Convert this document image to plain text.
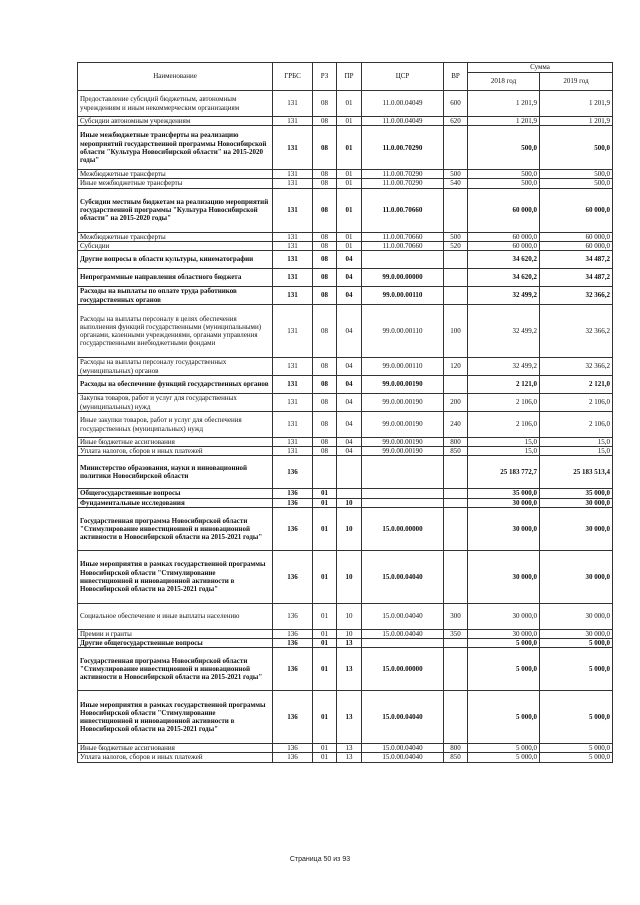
Наименование	ГРБС	РЗ	ПР	ЦСР	ВР	Сумма	
						2018 год	2019 год
Предоставление субсидий бюджетным, автономным учреждениям и иным некоммерческим организациям	131	08	01	11.0.00.04049	600	1 201,9	1 201,9
Субсидии автономным учреждениям	131	08	01	11.0.00.04049	620	1 201,9	1 201,9
Иные межбюджетные трансферты на реализацию мероприятий государственной программы Новосибирской области "Культура Новосибирской области" на 2015-2020 годы"	131	08	01	11.0.00.70290		500,0	500,0
Межбюджетные трансферты	131	08	01	11.0.00.70290	500	500,0	500,0
Иные межбюджетные трансферты	131	08	01	11.0.00.70290	540	500,0	500,0
Субсидии местным бюджетам на реализацию мероприятий государственной программы "Культура Новосибирской области" на 2015-2020 годы"	131	08	01	11.0.00.70660		60 000,0	60 000,0
Межбюджетные трансферты	131	08	01	11.0.00.70660	500	60 000,0	60 000,0
Субсидии	131	08	01	11.0.00.70660	520	60 000,0	60 000,0
Другие вопросы в области культуры, кинематографии	131	08	04			34 620,2	34 487,2
Непрограммные направления областного бюджета	131	08	04	99.0.00.00000		34 620,2	34 487,2
Расходы на выплаты по оплате труда работников государственных органов	131	08	04	99.0.00.00110		32 499,2	32 366,2
Расходы на выплаты персоналу в целях обеспечения выполнения функций государственными (муниципальными) органами, казенными учреждениями, органами управления государственными внебюджетными фондами	131	08	04	99.0.00.00110	100	32 499,2	32 366,2
Расходы на выплаты персоналу государственных (муниципальных) органов	131	08	04	99.0.00.00110	120	32 499,2	32 366,2
Расходы на обеспечение функций государственных органов	131	08	04	99.0.00.00190		2 121,0	2 121,0
Закупка товаров, работ и услуг для государственных (муниципальных) нужд	131	08	04	99.0.00.00190	200	2 106,0	2 106,0
Иные закупки товаров, работ и услуг для обеспечения государственных (муниципальных) нужд	131	08	04	99.0.00.00190	240	2 106,0	2 106,0
Иные бюджетные ассигнования	131	08	04	99.0.00.00190	800	15,0	15,0
Уплата налогов, сборов и иных платежей	131	08	04	99.0.00.00190	850	15,0	15,0
Министерство образования, науки и инновационной политики Новосибирской области	136					25 183 772,7	25 183 513,4
Общегосударственные вопросы	136	01				35 000,0	35 000,0
Фундаментальные исследования	136	01	10			30 000,0	30 000,0
Государственная программа Новосибирской области "Стимулирование инвестиционной и инновационной активности в Новосибирской области на 2015-2021 годы"	136	01	10	15.0.00.00000		30 000,0	30 000,0
Иные мероприятия в рамках государственной программы Новосибирской области "Стимулирование инвестиционной и инновационной активности в Новосибирской области на 2015-2021 годы"	136	01	10	15.0.00.04040		30 000,0	30 000,0
Социальное обеспечение и иные выплаты населению	136	01	10	15.0.00.04040	300	30 000,0	30 000,0
Премии и гранты	136	01	10	15.0.00.04040	350	30 000,0	30 000,0
Другие общегосударственные вопросы	136	01	13			5 000,0	5 000,0
Государственная программа Новосибирской области "Стимулирование инвестиционной и инновационной активности в Новосибирской области на 2015-2021 годы"	136	01	13	15.0.00.00000		5 000,0	5 000,0
Иные мероприятия в рамках государственной программы Новосибирской области "Стимулирование инвестиционной и инновационной активности в Новосибирской области на 2015-2021 годы"	136	01	13	15.0.00.04040		5 000,0	5 000,0
Иные бюджетные ассигнования	136	01	13	15.0.00.04040	800	5 000,0	5 000,0
Уплата налогов, сборов и иных платежей	136	01	13	15.0.00.04040	850	5 000,0	5 000,0
Страница 50 из 93
